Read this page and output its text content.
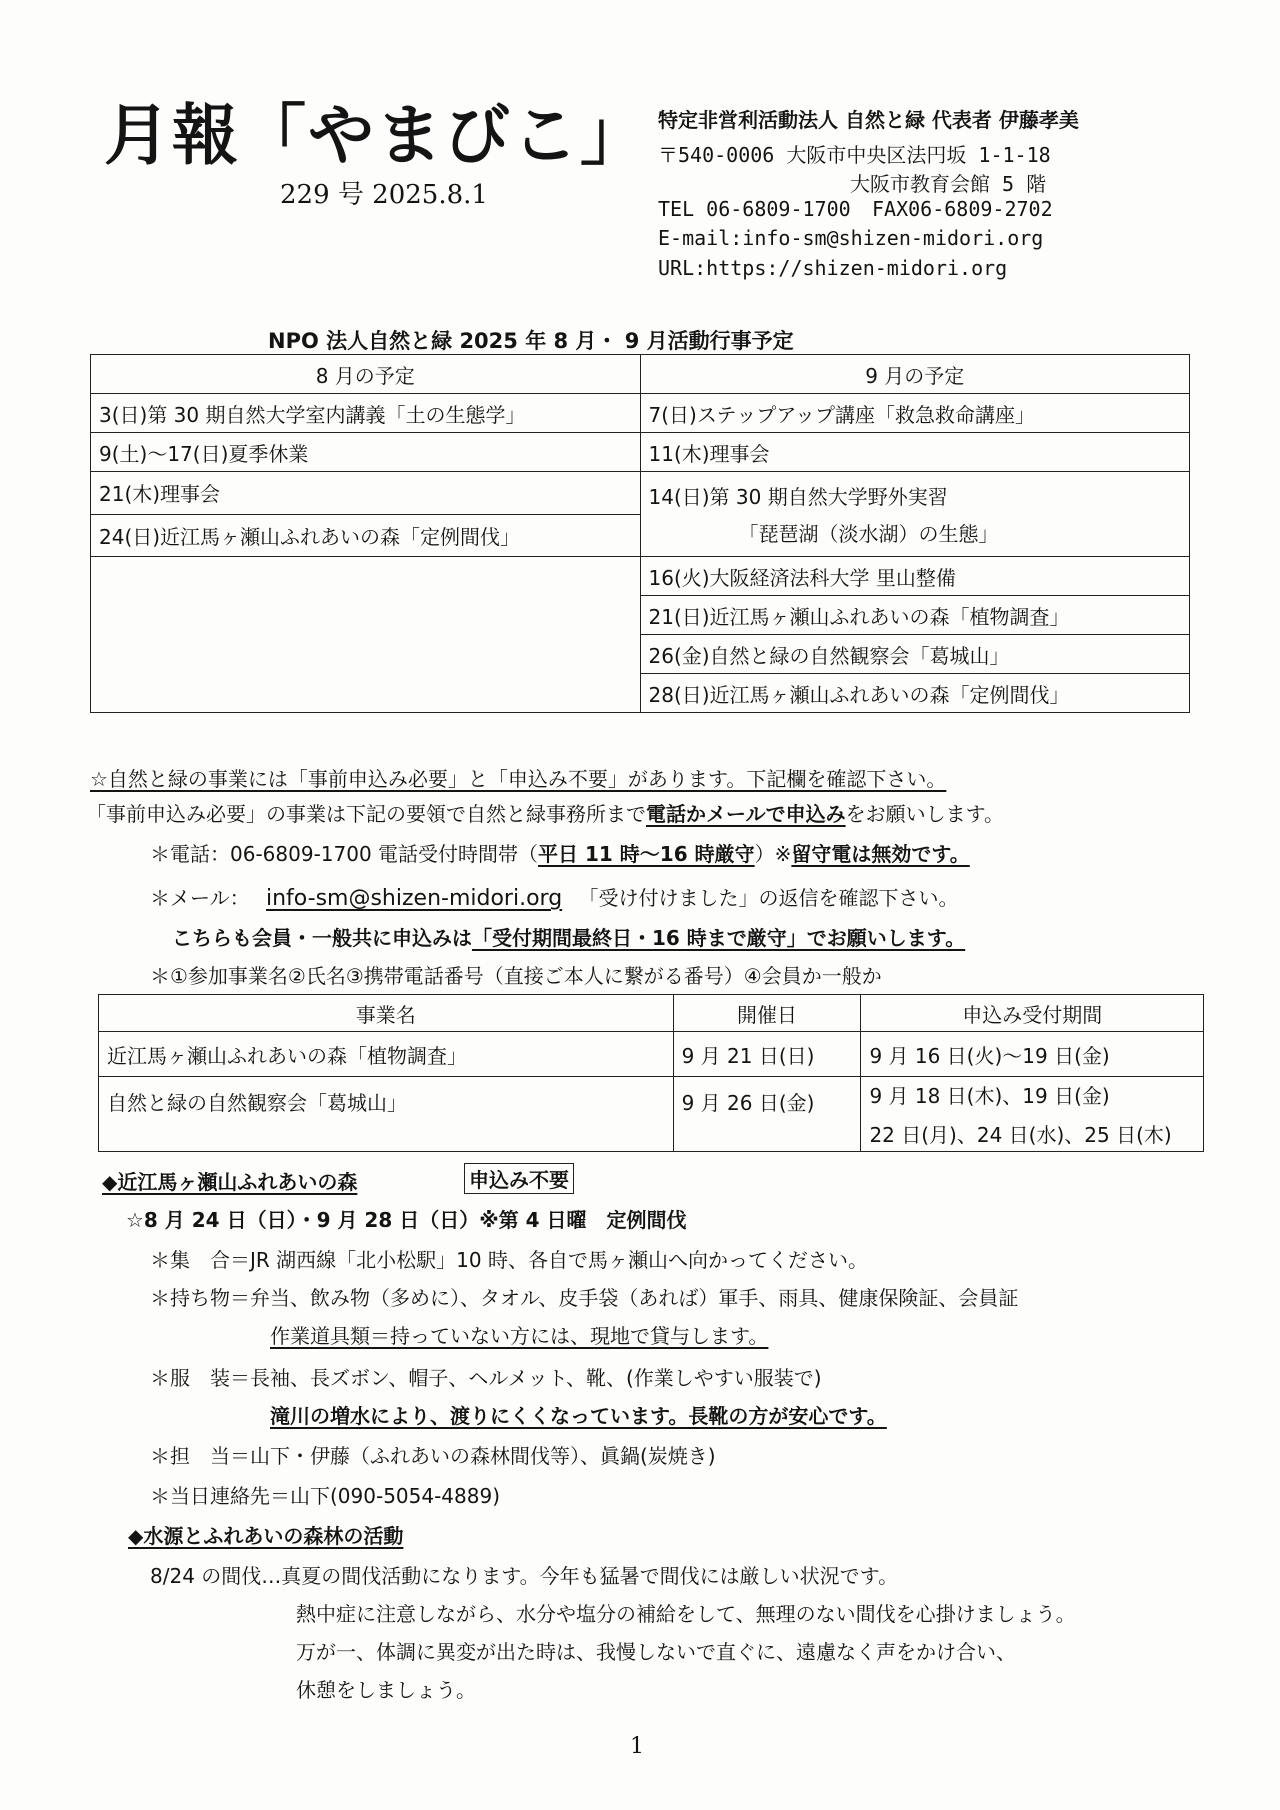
月報「やまびこ」
229 号 2025.8.1
特定非営利活動法人 自然と緑 代表者 伊藤孝美
〒540-0006 大阪市中央区法円坂 1-1-18
大阪市教育会館 5 階
TEL 06-6809-1700 FAX06-6809-2702
E-mail:info-sm@shizen-midori.org
URL:https://shizen-midori.org
NPO 法人自然と緑 2025 年 8 月・ 9 月活動行事予定
8 月の予定	9 月の予定
3(日)第 30 期自然大学室内講義「土の生態学」	7(日)ステップアップ講座「救急救命講座」
9(土)～17(日)夏季休業	11(木)理事会
21(木)理事会	14(日)第 30 期自然大学野外実習
「琵琶湖（淡水湖）の生態」

24(日)近江馬ヶ瀬山ふれあいの森「定例間伐」	
	16(火)大阪経済法科大学 里山整備
	21(日)近江馬ヶ瀬山ふれあいの森「植物調査」
	26(金)自然と緑の自然観察会「葛城山」
	28(日)近江馬ヶ瀬山ふれあいの森「定例間伐」
☆自然と緑の事業には「事前申込み必要」と「申込み不要」があります。下記欄を確認下さい。
「事前申込み必要」の事業は下記の要領で自然と緑事務所まで電話かメールで申込みをお願いします。
＊電話：06-6809-1700 電話受付時間帯（平日 11 時～16 時厳守）※留守電は無効です。
＊メール： info-sm@shizen-midori.org 「受け付けました」の返信を確認下さい。
こちらも会員・一般共に申込みは「受付期間最終日・16 時まで厳守」でお願いします。
＊①参加事業名②氏名③携帯電話番号（直接ご本人に繋がる番号）④会員か一般か
事業名	開催日	申込み受付期間
近江馬ヶ瀬山ふれあいの森「植物調査」	9 月 21 日(日)	9 月 16 日(火)～19 日(金)
自然と緑の自然観察会「葛城山」	9 月 26 日(金)	9 月 18 日(木)、19 日(金)
22 日(月)、24 日(水)、25 日(木)
◆近江馬ヶ瀬山ふれあいの森	申込み不要
☆8 月 24 日（日）・9 月 28 日（日）※第 4 日曜　定例間伐
＊集　合＝JR 湖西線「北小松駅」10 時、各自で馬ヶ瀬山へ向かってください。
＊持ち物＝弁当、飲み物（多めに）、タオル、皮手袋（あれば）軍手、雨具、健康保険証、会員証
作業道具類＝持っていない方には、現地で貸与します。
＊服　装＝長袖、長ズボン、帽子、ヘルメット、靴、(作業しやすい服装で)
滝川の増水により、渡りにくくなっています。長靴の方が安心です。
＊担　当＝山下・伊藤（ふれあいの森林間伐等）、眞鍋(炭焼き)
＊当日連絡先＝山下(090-5054-4889)
◆水源とふれあいの森林の活動
8/24 の間伐…真夏の間伐活動になります。今年も猛暑で間伐には厳しい状況です。
熱中症に注意しながら、水分や塩分の補給をして、無理のない間伐を心掛けましょう。
万が一、体調に異変が出た時は、我慢しないで直ぐに、遠慮なく声をかけ合い、
休憩をしましょう。
1
